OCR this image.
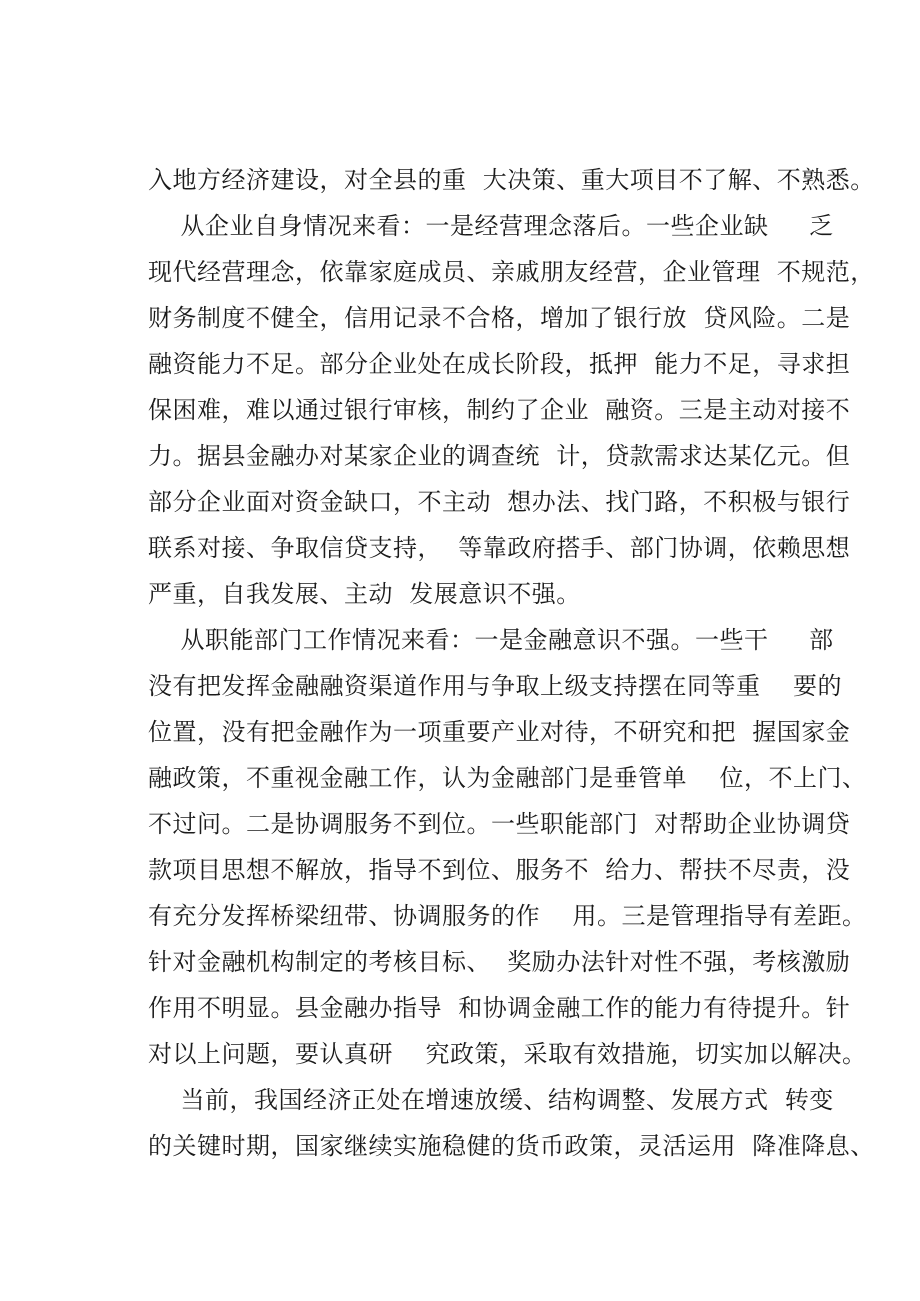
入地方经济建设，对全县的重  大决策、重大项目不了解、不熟悉。
从企业自身情况来看：一是经营理念落后。一些企业缺     乏
现代经营理念，依靠家庭成员、亲戚朋友经营，企业管理  不规范，
财务制度不健全，信用记录不合格，增加了银行放  贷风险。二是
融资能力不足。部分企业处在成长阶段，抵押  能力不足，寻求担
保困难，难以通过银行审核，制约了企业  融资。三是主动对接不
力。据县金融办对某家企业的调查统  计，贷款需求达某亿元。但
部分企业面对资金缺口，不主动  想办法、找门路，不积极与银行
联系对接、争取信贷支持，  等靠政府搭手、部门协调，依赖思想
严重，自我发展、主动  发展意识不强。
从职能部门工作情况来看：一是金融意识不强。一些干     部
没有把发挥金融融资渠道作用与争取上级支持摆在同等重    要的
位置，没有把金融作为一项重要产业对待，不研究和把  握国家金
融政策，不重视金融工作，认为金融部门是垂管单    位，不上门、
不过问。二是协调服务不到位。一些职能部门  对帮助企业协调贷
款项目思想不解放，指导不到位、服务不  给力、帮扶不尽责，没
有充分发挥桥梁纽带、协调服务的作    用。三是管理指导有差距。
针对金融机构制定的考核目标、  奖励办法针对性不强，考核激励
作用不明显。县金融办指导  和协调金融工作的能力有待提升。针
对以上问题，要认真研    究政策，采取有效措施，切实加以解决。
当前，我国经济正处在增速放缓、结构调整、发展方式  转变
的关键时期，国家继续实施稳健的货币政策，灵活运用  降准降息、
